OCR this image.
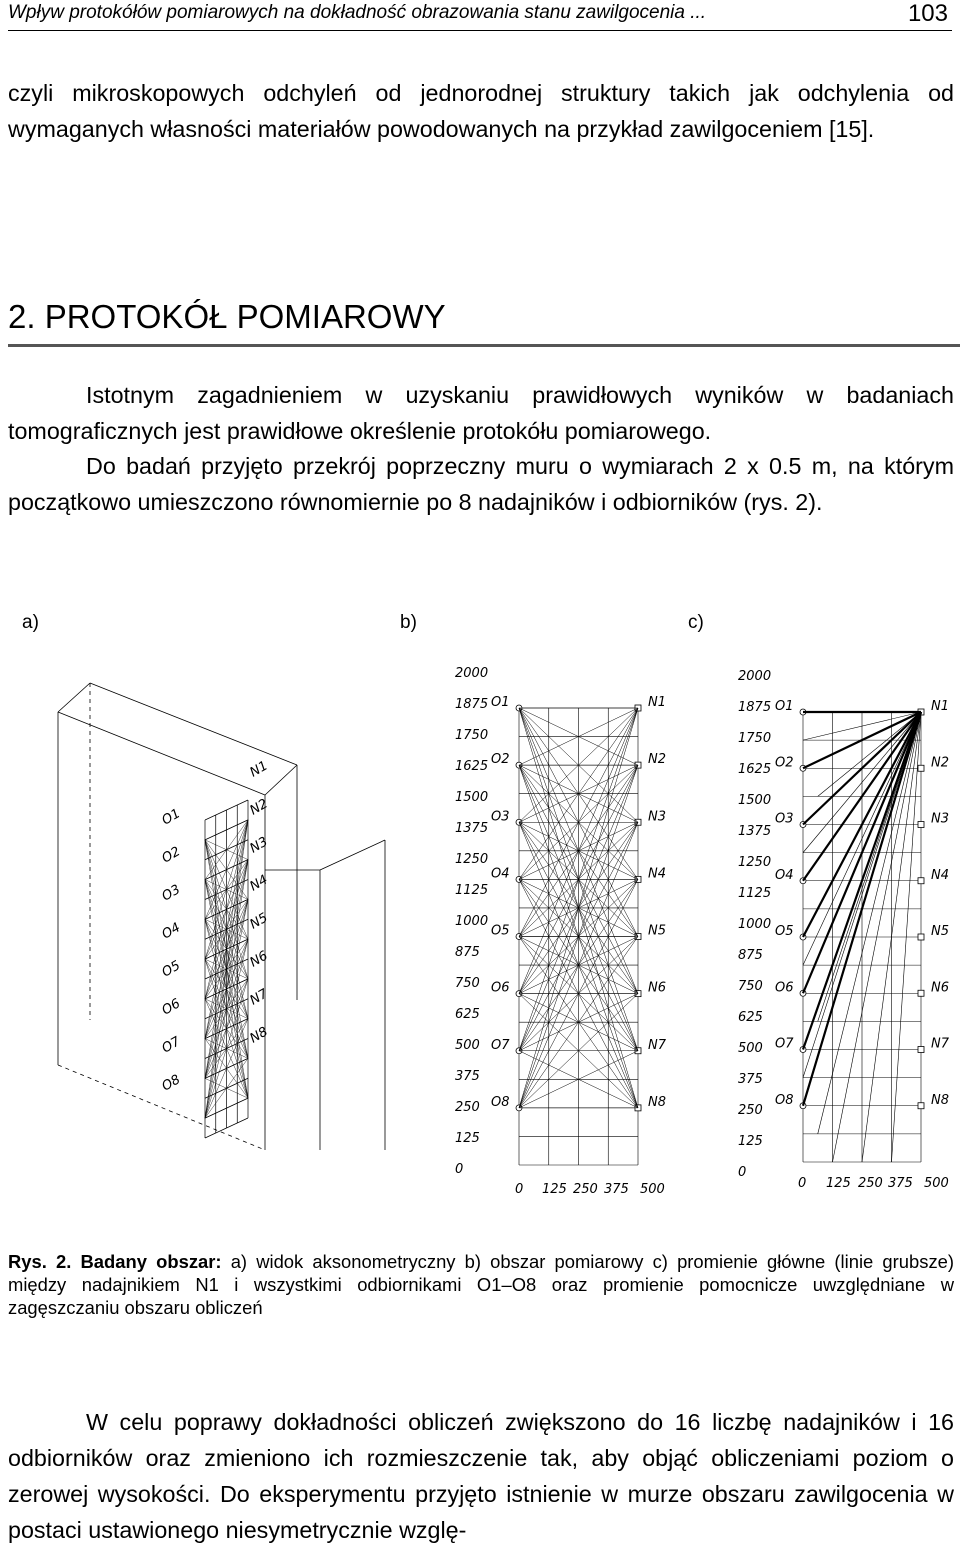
Wpływ protokółów pomiarowych na dokładność obrazowania stanu zawilgocenia ...	103
czyli mikroskopowych odchyleń od jednorodnej struktury takich jak odchylenia od wymaganych własności materiałów powodowanych na przykład zawilgoceniem [15].
2. PROTOKÓŁ POMIAROWY
Istotnym zagadnieniem w uzyskaniu prawidłowych wyników w badaniach tomograficznych jest prawidłowe określenie protokółu pomiarowego.
Do badań przyjęto przekrój poprzeczny muru o wymiarach 2 x 0.5 m, na którym początkowo umieszczono równomiernie po 8 nadajników i odbiorników (rys. 2).
a)	b)	c)
O1
O2
O3
O4
O5
O6
O7
O8
N1
N2
N3
N4
N5
N6
N7
N8
2000
1875
1750
1625
1500
1375
1250
1125
1000
875
750
625
500
375
250
125
0
0 125 250 375 500
O1
O2
O3
O4
O5
O6
O7
O8
N1
N2
N3
N4
N5
N6
N7
N8
2000
1875
1750
1625
1500
1375
1250
1125
1000
875
750
625
500
375
250
125
0
0 125 250 375 500
O1
O2
O3
O4
O5
O6
O7
O8
N1
N2
N3
N4
N5
N6
N7
N8
Rys. 2. Badany obszar: a) widok aksonometryczny b) obszar pomiarowy c) promienie główne (linie grubsze) między nadajnikiem N1 i wszystkimi odbiornikami O1–O8 oraz promienie pomocnicze uwzględniane w zagęszczaniu obszaru obliczeń
W celu poprawy dokładności obliczeń zwiększono do 16 liczbę nadajników i 16 odbiorników oraz zmieniono ich rozmieszczenie tak, aby objąć obliczeniami poziom o zerowej wysokości. Do eksperymentu przyjęto istnienie w murze obszaru zawilgocenia w postaci ustawionego niesymetrycznie wzglę-
